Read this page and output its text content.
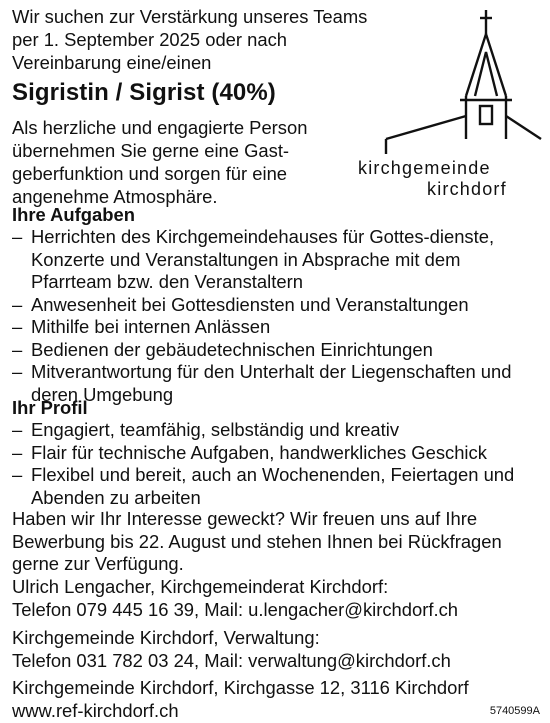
Wir suchen zur Verstärkung unseres Teams per 1. September 2025 oder nach Vereinbarung eine/einen
Sigristin / Sigrist (40%)
Als herzliche und engagierte Person übernehmen Sie gerne eine Gast-geberfunktion und sorgen für eine angenehme Atmosphäre.
kirchgemeinde
kirchdorf
Ihre Aufgaben
– Herrichten des Kirchgemeindehauses für Gottes-dienste, Konzerte und Veranstaltungen in Absprache mit dem Pfarrteam bzw. den Veranstaltern
– Anwesenheit bei Gottesdiensten und Veranstaltungen
– Mithilfe bei internen Anlässen
– Bedienen der gebäudetechnischen Einrichtungen
– Mitverantwortung für den Unterhalt der Liegenschaften und deren Umgebung
Ihr Profil
– Engagiert, teamfähig, selbständig und kreativ
– Flair für technische Aufgaben, handwerkliches Geschick
– Flexibel und bereit, auch an Wochenenden, Feiertagen und Abenden zu arbeiten
Haben wir Ihr Interesse geweckt? Wir freuen uns auf Ihre Bewerbung bis 22. August und stehen Ihnen bei Rückfragen gerne zur Verfügung.
Ulrich Lengacher, Kirchgemeinderat Kirchdorf:
Telefon 079 445 16 39, Mail: u.lengacher@kirchdorf.ch
Kirchgemeinde Kirchdorf, Verwaltung:
Telefon 031 782 03 24, Mail: verwaltung@kirchdorf.ch
Kirchgemeinde Kirchdorf, Kirchgasse 12, 3116 Kirchdorf
www.ref-kirchdorf.ch	5740599A
